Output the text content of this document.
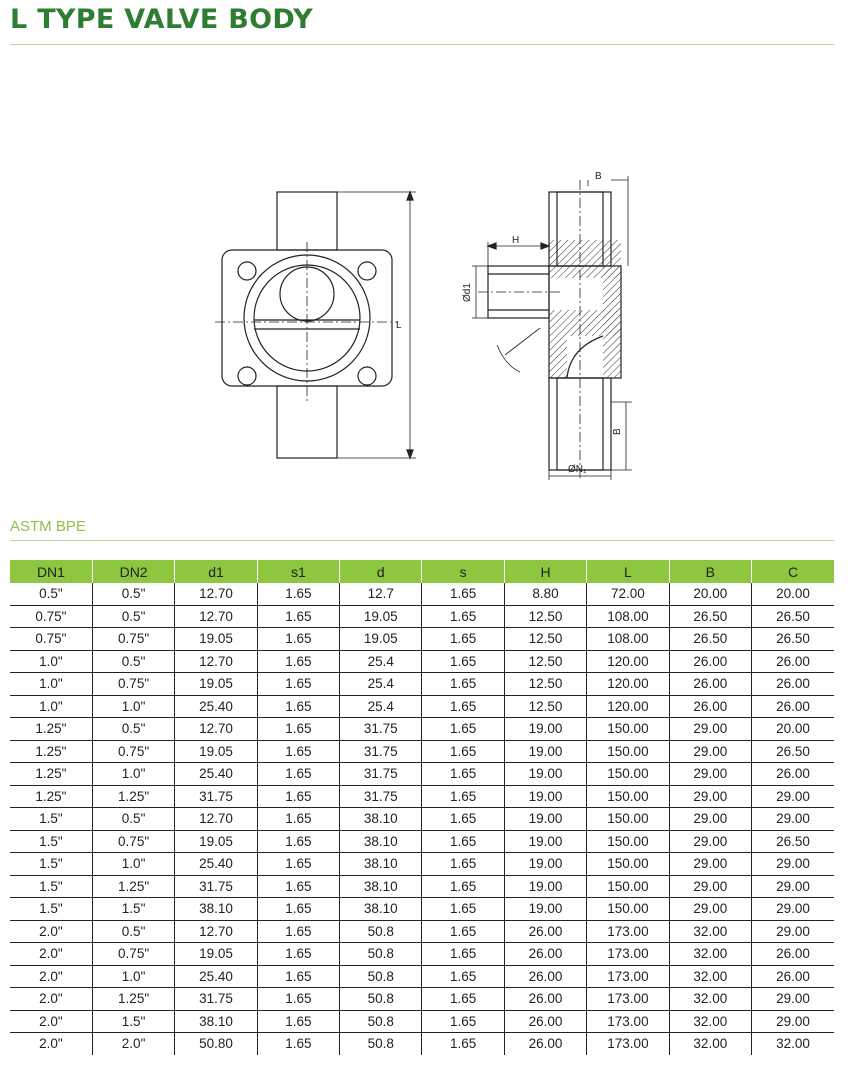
L TYPE VALVE BODY
L
B
H
B
Ød1
ØN₁
ASTM BPE
DN1	DN2	d1	s1	d	s	H	L	B	C
0.5"	0.5"	12.70	1.65	12.7	1.65	8.80	72.00	20.00	20.00
0.75"	0.5"	12.70	1.65	19.05	1.65	12.50	108.00	26.50	26.50
0.75"	0.75"	19.05	1.65	19.05	1.65	12.50	108.00	26.50	26.50
1.0"	0.5"	12.70	1.65	25.4	1.65	12.50	120.00	26.00	26.00
1.0"	0.75"	19.05	1.65	25.4	1.65	12.50	120.00	26.00	26.00
1.0"	1.0"	25.40	1.65	25.4	1.65	12.50	120.00	26.00	26.00
1.25"	0.5"	12.70	1.65	31.75	1.65	19.00	150.00	29.00	20.00
1.25"	0.75"	19.05	1.65	31.75	1.65	19.00	150.00	29.00	26.50
1.25"	1.0"	25.40	1.65	31.75	1.65	19.00	150.00	29.00	26.00
1.25"	1.25"	31.75	1.65	31.75	1.65	19.00	150.00	29.00	29.00
1.5"	0.5"	12.70	1.65	38.10	1.65	19.00	150.00	29.00	29.00
1.5"	0.75"	19.05	1.65	38.10	1.65	19.00	150.00	29.00	26.50
1.5"	1.0"	25.40	1.65	38.10	1.65	19.00	150.00	29.00	29.00
1.5"	1.25"	31.75	1.65	38.10	1.65	19.00	150.00	29.00	29.00
1.5"	1.5"	38.10	1.65	38.10	1.65	19.00	150.00	29.00	29.00
2.0"	0.5"	12.70	1.65	50.8	1.65	26.00	173.00	32.00	29.00
2.0"	0.75"	19.05	1.65	50.8	1.65	26.00	173.00	32.00	26.00
2.0"	1.0"	25.40	1.65	50.8	1.65	26.00	173.00	32.00	26.00
2.0"	1.25"	31.75	1.65	50.8	1.65	26.00	173.00	32.00	29.00
2.0"	1.5"	38.10	1.65	50.8	1.65	26.00	173.00	32.00	29.00
2.0"	2.0"	50.80	1.65	50.8	1.65	26.00	173.00	32.00	32.00
